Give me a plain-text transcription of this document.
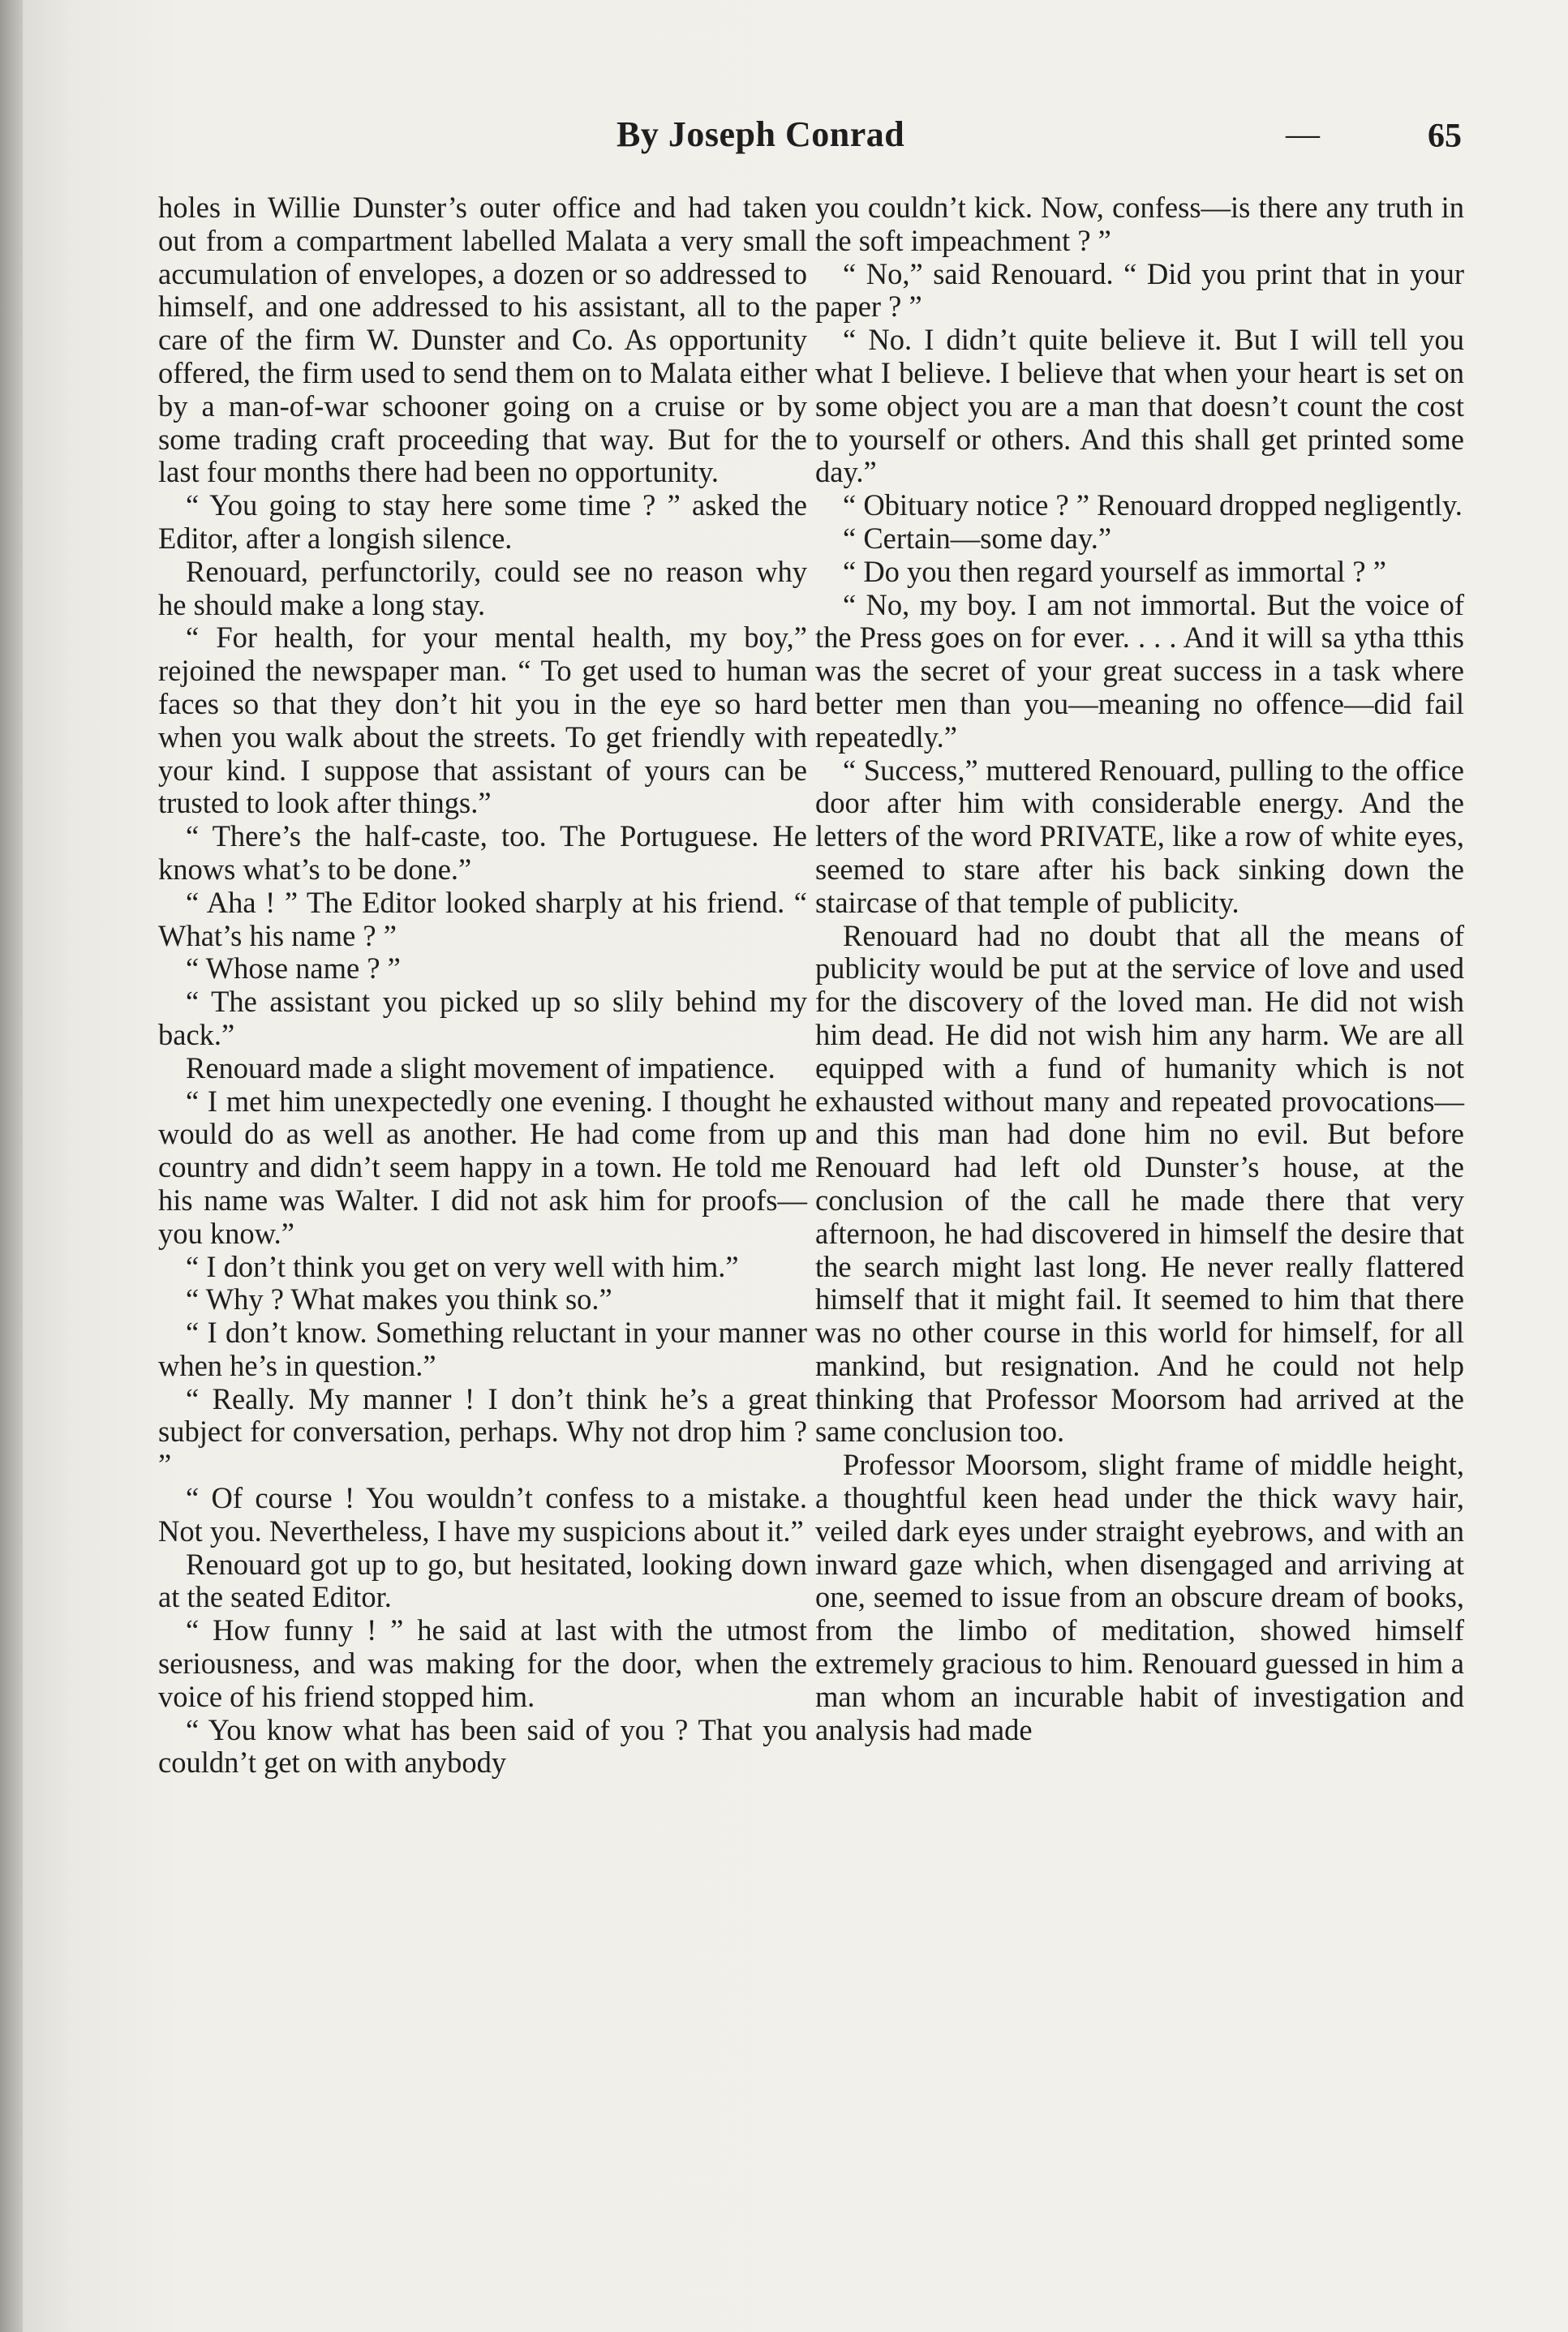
By Joseph Conrad	—	65

holes in Willie Dunster’s outer office and had taken out from a compartment labelled Malata a very small accumulation of envelopes, a dozen or so addressed to himself, and one addressed to his assistant, all to the care of the firm W. Dunster and Co. As opportunity offered, the firm used to send them on to Malata either by a man-of-war schooner going on a cruise or by some trading craft proceeding that way. But for the last four months there had been no opportunity.

“ You going to stay here some time ? ” asked the Editor, after a longish silence.

Renouard, perfunctorily, could see no reason why he should make a long stay.

“ For health, for your mental health, my boy,” rejoined the newspaper man. “ To get used to human faces so that they don’t hit you in the eye so hard when you walk about the streets. To get friendly with your kind. I suppose that assistant of yours can be trusted to look after things.”

“ There’s the half-caste, too. The Portuguese. He knows what’s to be done.”

“ Aha ! ” The Editor looked sharply at his friend. “ What’s his name ? ”

“ Whose name ? ”

“ The assistant you picked up so slily behind my back.”

Renouard made a slight movement of impatience.

“ I met him unexpectedly one evening. I thought he would do as well as another. He had come from up country and didn’t seem happy in a town. He told me his name was Walter. I did not ask him for proofs—you know.”

“ I don’t think you get on very well with him.”

“ Why ? What makes you think so.”

“ I don’t know. Something reluctant in your manner when he’s in question.”

“ Really. My manner ! I don’t think he’s a great subject for conversation, perhaps. Why not drop him ? ”

“ Of course ! You wouldn’t confess to a mistake. Not you. Nevertheless, I have my suspicions about it.”

Renouard got up to go, but hesitated, looking down at the seated Editor.

“ How funny ! ” he said at last with the utmost seriousness, and was making for the door, when the voice of his friend stopped him.

“ You know what has been said of you ? That you couldn’t get on with anybody

you couldn’t kick. Now, confess—is there any truth in the soft impeachment ? ”

“ No,” said Renouard. “ Did you print that in your paper ? ”

“ No. I didn’t quite believe it. But I will tell you what I believe. I believe that when your heart is set on some object you are a man that doesn’t count the cost to yourself or others. And this shall get printed some day.”

“ Obituary notice ? ” Renouard dropped negligently.

“ Certain—some day.”

“ Do you then regard yourself as immortal ? ”

“ No, my boy. I am not immortal. But the voice of the Press goes on for ever. . . . And it will sa ytha tthis was the secret of your great success in a task where better men than you—meaning no offence—did fail repeatedly.”

“ Success,” muttered Renouard, pulling to the office door after him with considerable energy. And the letters of the word PRIVATE, like a row of white eyes, seemed to stare after his back sinking down the staircase of that temple of publicity.

Renouard had no doubt that all the means of publicity would be put at the service of love and used for the discovery of the loved man. He did not wish him dead. He did not wish him any harm. We are all equipped with a fund of humanity which is not exhausted without many and repeated provocations—and this man had done him no evil. But before Renouard had left old Dunster’s house, at the conclusion of the call he made there that very afternoon, he had discovered in himself the desire that the search might last long. He never really flattered himself that it might fail. It seemed to him that there was no other course in this world for himself, for all mankind, but resignation. And he could not help thinking that Professor Moorsom had arrived at the same conclusion too.

Professor Moorsom, slight frame of middle height, a thoughtful keen head under the thick wavy hair, veiled dark eyes under straight eyebrows, and with an inward gaze which, when disengaged and arriving at one, seemed to issue from an obscure dream of books, from the limbo of meditation, showed himself extremely gracious to him. Renouard guessed in him a man whom an incurable habit of investigation and analysis had made
